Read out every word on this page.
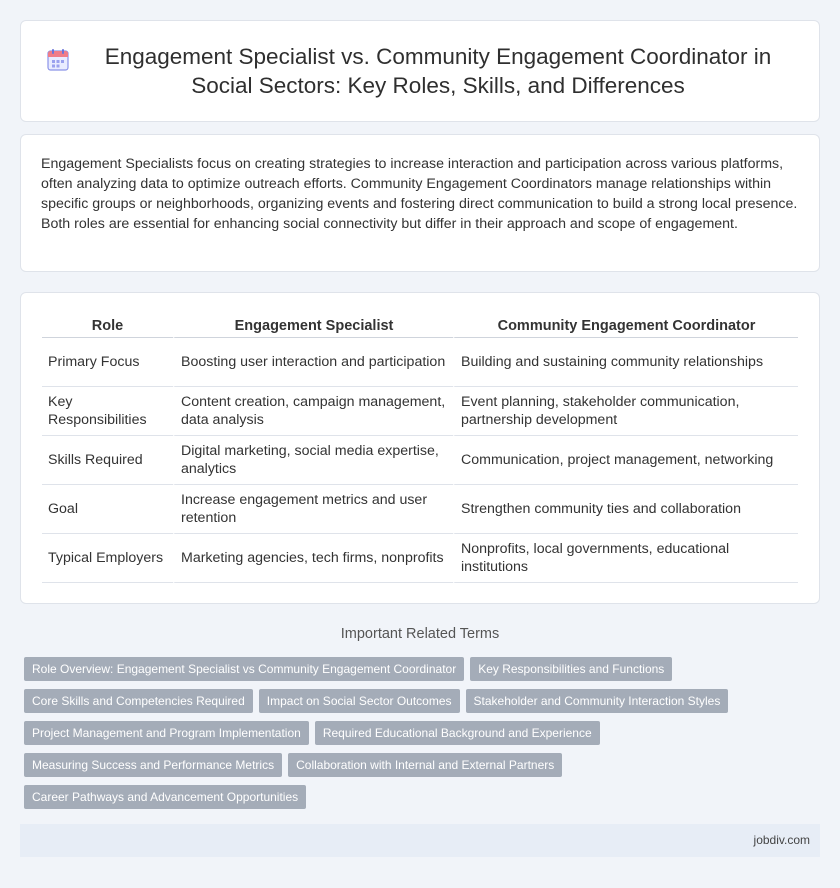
Engagement Specialist vs. Community Engagement Coordinator in Social Sectors: Key Roles, Skills, and Differences

Engagement Specialists focus on creating strategies to increase interaction and participation across various platforms, often analyzing data to optimize outreach efforts. Community Engagement Coordinators manage relationships within specific groups or neighborhoods, organizing events and fostering direct communication to build a strong local presence. Both roles are essential for enhancing social connectivity but differ in their approach and scope of engagement.

Role	Engagement Specialist	Community Engagement Coordinator
Primary Focus	Boosting user interaction and participation	Building and sustaining community relationships
Key Responsibilities	Content creation, campaign management, data analysis	Event planning, stakeholder communication, partnership development
Skills Required	Digital marketing, social media expertise, analytics	Communication, project management, networking
Goal	Increase engagement metrics and user retention	Strengthen community ties and collaboration
Typical Employers	Marketing agencies, tech firms, nonprofits	Nonprofits, local governments, educational institutions
Important Related Terms
Role Overview: Engagement Specialist vs Community Engagement Coordinator	Key Responsibilities and Functions
Core Skills and Competencies Required	Impact on Social Sector Outcomes	Stakeholder and Community Interaction Styles
Project Management and Program Implementation	Required Educational Background and Experience
Measuring Success and Performance Metrics	Collaboration with Internal and External Partners
Career Pathways and Advancement Opportunities
jobdiv.com
